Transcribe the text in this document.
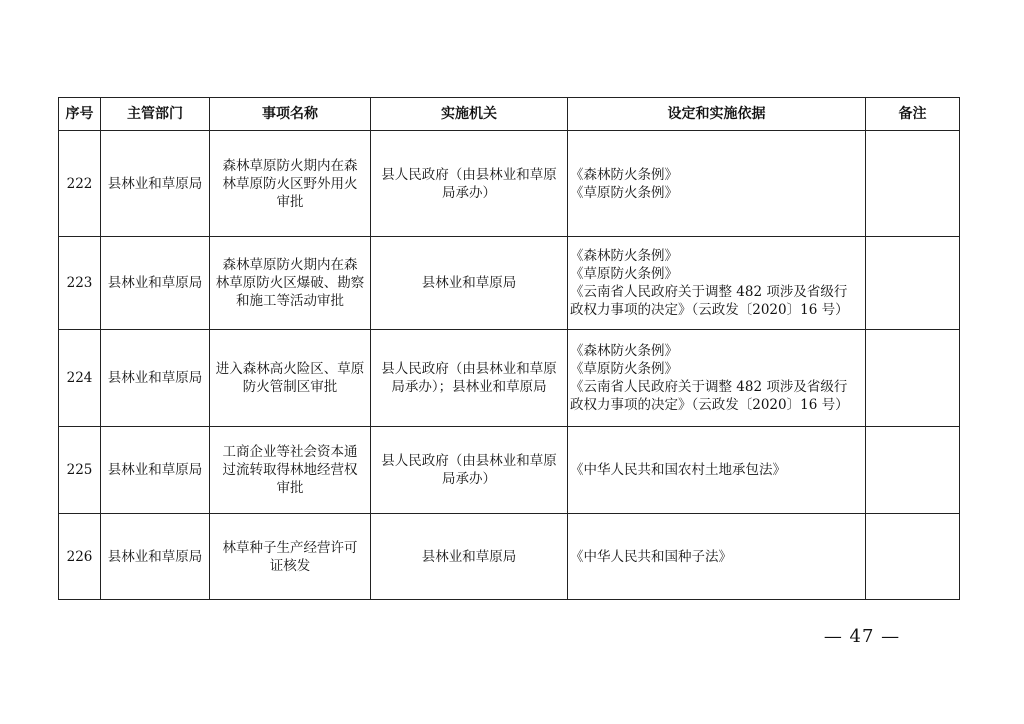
序号	主管部门	事项名称	实施机关	设定和实施依据	备注
222	县林业和草原局	森林草原防火期内在森
林草原防火区野外用火
审批	县人民政府（由县林业和草原
局承办）	《森林防火条例》
《草原防火条例》	

223	县林业和草原局	森林草原防火期内在森
林草原防火区爆破、勘察
和施工等活动审批	县林业和草原局	《森林防火条例》
《草原防火条例》
《云南省人民政府关于调整 482 项涉及省级行
政权力事项的决定》（云政发〔2020〕16 号）	

224	县林业和草原局	进入森林高火险区、草原
防火管制区审批	县人民政府（由县林业和草原
局承办）；县林业和草原局	《森林防火条例》
《草原防火条例》
《云南省人民政府关于调整 482 项涉及省级行
政权力事项的决定》（云政发〔2020〕16 号）	

225	县林业和草原局	工商企业等社会资本通
过流转取得林地经营权
审批	县人民政府（由县林业和草原
局承办）	《中华人民共和国农村土地承包法》	

226	县林业和草原局	林草种子生产经营许可
证核发	县林业和草原局	《中华人民共和国种子法》	

— 47 —
